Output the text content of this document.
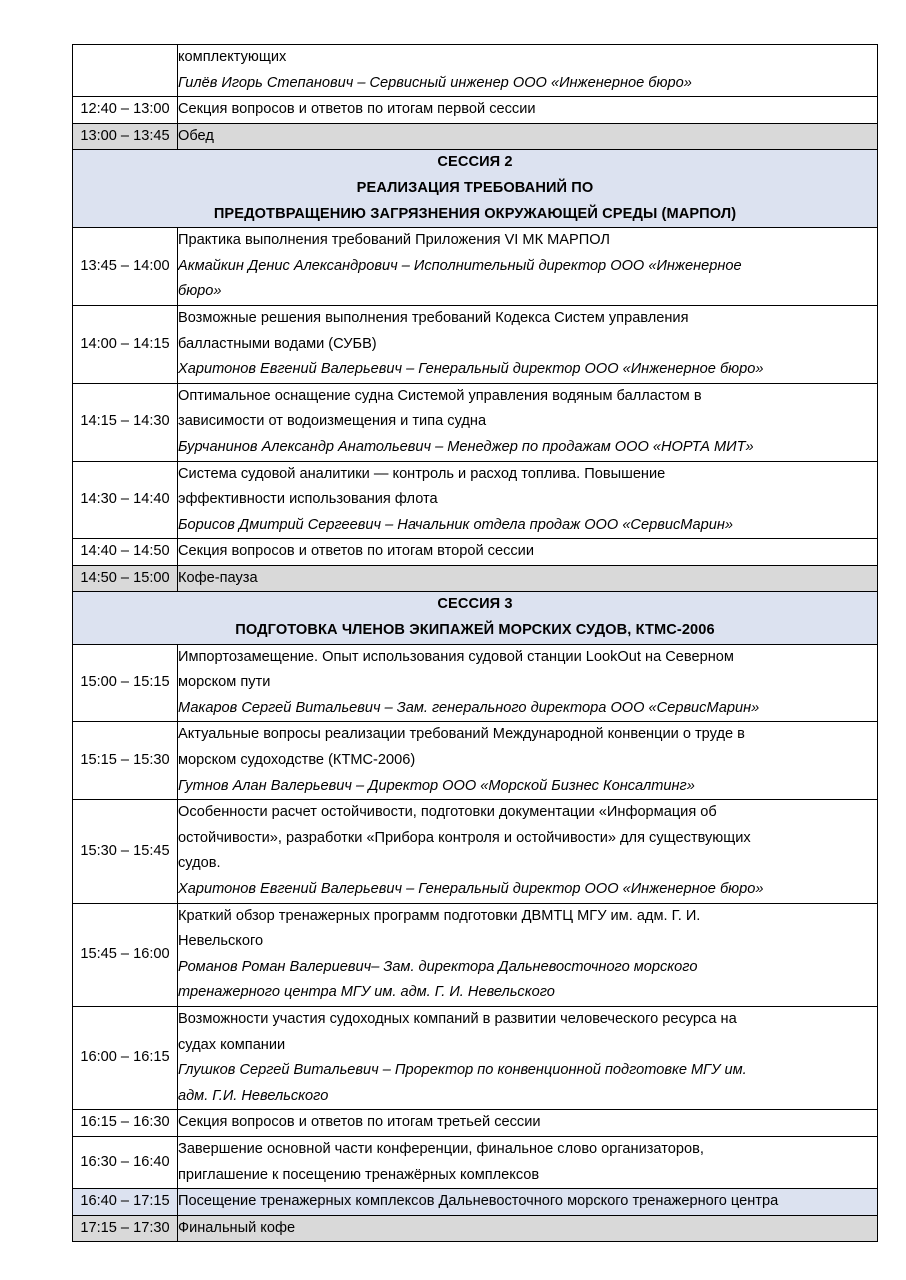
	комплектующих
Гилёв Игорь Степанович – Сервисный инженер ООО «Инженерное бюро»

12:40 – 13:00	Секция вопросов и ответов по итогам первой сессии

13:00 – 13:45	Обед

СЕССИЯ 2
РЕАЛИЗАЦИЯ ТРЕБОВАНИЙ ПО
ПРЕДОТВРАЩЕНИЮ ЗАГРЯЗНЕНИЯ ОКРУЖАЮЩЕЙ СРЕДЫ (МАРПОЛ)	

13:45 – 14:00	Практика выполнения требований Приложения VI МК МАРПОЛ
Акмайкин Денис Александрович – Исполнительный директор ООО «Инженерное
бюро»

14:00 – 14:15	Возможные решения выполнения требований Кодекса Систем управления
балластными водами (СУБВ)
Харитонов Евгений Валерьевич – Генеральный директор ООО «Инженерное бюро»

14:15 – 14:30	Оптимальное оснащение судна Системой управления водяным балластом в
зависимости от водоизмещения и типа судна
Бурчанинов Александр Анатольевич – Менеджер по продажам ООО «НОРТА МИТ»

14:30 – 14:40	Система судовой аналитики — контроль и расход топлива. Повышение
эффективности использования флота
Борисов Дмитрий Сергеевич – Начальник отдела продаж ООО «СервисМарин»

14:40 – 14:50	Секция вопросов и ответов по итогам второй сессии

14:50 – 15:00	Кофе-пауза

СЕССИЯ 3
ПОДГОТОВКА ЧЛЕНОВ ЭКИПАЖЕЙ МОРСКИХ СУДОВ, КТМС-2006	

15:00 – 15:15	Импортозамещение. Опыт использования судовой станции LookOut на Северном
морском пути
Макаров Сергей Витальевич – Зам. генерального директора ООО «СервисМарин»

15:15 – 15:30	Актуальные вопросы реализации требований Международной конвенции о труде в
морском судоходстве (КТМС-2006)
Гутнов Алан Валерьевич – Директор ООО «Морской Бизнес Консалтинг»

15:30 – 15:45	Особенности расчет остойчивости, подготовки документации «Информация об
остойчивости», разработки «Прибора контроля и остойчивости» для существующих
судов.
Харитонов Евгений Валерьевич – Генеральный директор ООО «Инженерное бюро»

15:45 – 16:00	Краткий обзор тренажерных программ подготовки ДВМТЦ МГУ им. адм. Г. И.
Невельского
Романов Роман Валериевич– Зам. директора Дальневосточного морского
тренажерного центра МГУ им. адм. Г. И. Невельского

16:00 – 16:15	Возможности участия судоходных компаний в развитии человеческого ресурса на
судах компании
Глушков Сергей Витальевич – Проректор по конвенционной подготовке МГУ им.
адм. Г.И. Невельского

16:15 – 16:30	Секция вопросов и ответов по итогам третьей сессии

16:30 – 16:40	Завершение основной части конференции, финальное слово организаторов,
приглашение к посещению тренажёрных комплексов

16:40 – 17:15	Посещение тренажерных комплексов Дальневосточного морского тренажерного центра

17:15 – 17:30	Финальный кофе
